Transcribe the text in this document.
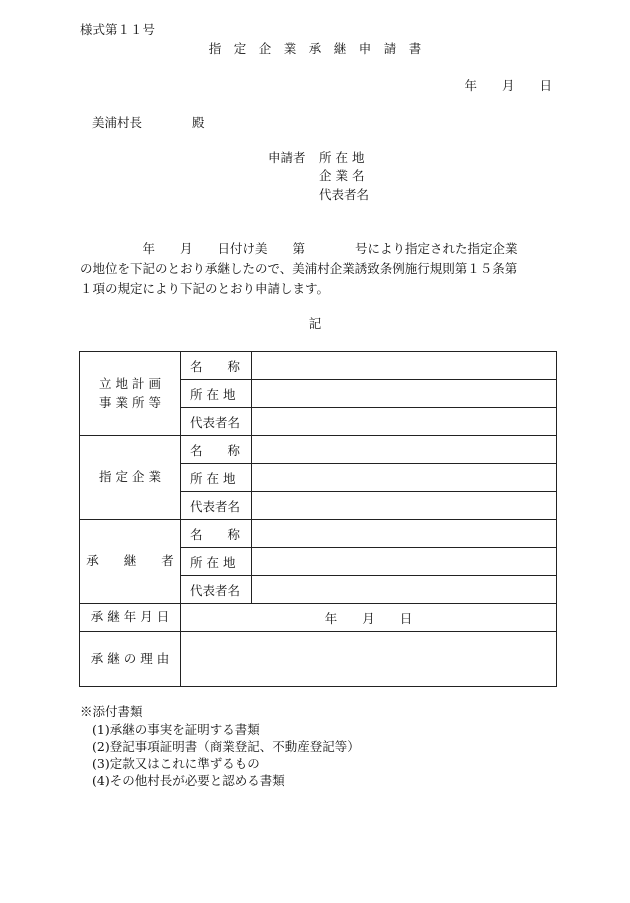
様式第１１号
指　定　企　業　承　継　申　請　書
年　　月　　日
美浦村長　　　　殿
申請者 所 在 地
企 業 名
代表者名
　　　　　年　　月　　日付け美　　第　　　　号により指定された指定企業
の地位を下記のとおり承継したので、美浦村企業誘致条例施行規則第１５条第
１項の規定により下記のとおり申請します。
記
立 地 計 画
事 業 所 等	名　　称	
	所 在 地	
	代表者名	
指 定 企 業	名　　称	
	所 在 地	
	代表者名	
承　　継　　者	名　　称	
	所 在 地	
	代表者名	
承 継 年 月 日	年　　月　　日	
承 継 の 理 由		
※添付書類
(1)承継の事実を証明する書類
(2)登記事項証明書（商業登記、不動産登記等）
(3)定款又はこれに準ずるもの
(4)その他村長が必要と認める書類
